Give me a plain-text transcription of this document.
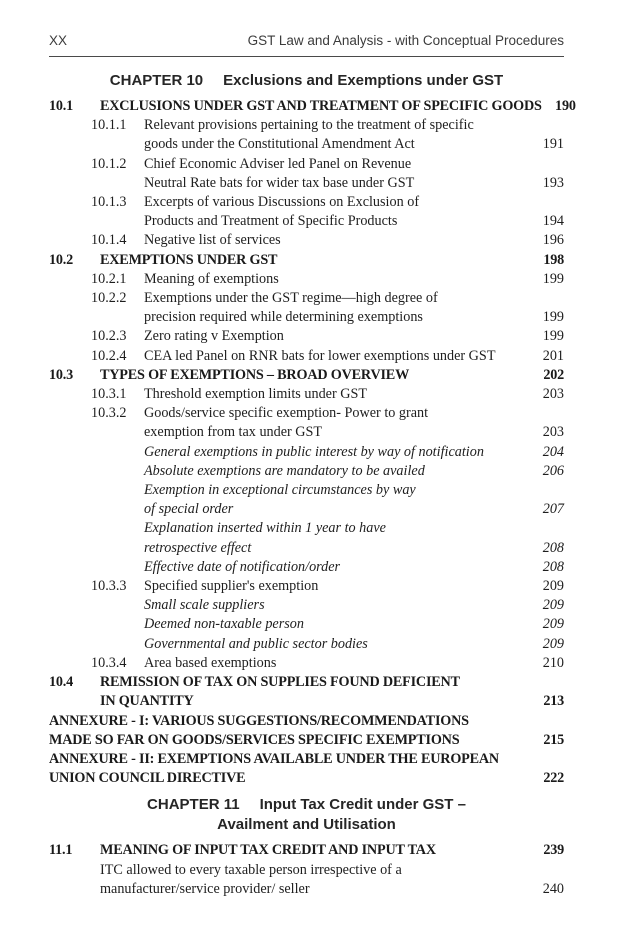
XX	GST Law and Analysis - with Conceptual Procedures
CHAPTER 10 Exclusions and Exemptions under GST
10.1	EXCLUSIONS UNDER GST AND TREATMENT OF SPECIFIC GOODS 190
10.1.1	Relevant provisions pertaining to the treatment of specific
goods under the Constitutional Amendment Act	191
10.1.2	Chief Economic Adviser led Panel on Revenue
Neutral Rate bats for wider tax base under GST	193
10.1.3	Excerpts of various Discussions on Exclusion of
Products and Treatment of Specific Products	194
10.1.4	Negative list of services	196
10.2	EXEMPTIONS UNDER GST	198
10.2.1	Meaning of exemptions	199
10.2.2	Exemptions under the GST regime—high degree of
precision required while determining exemptions	199
10.2.3	Zero rating v Exemption	199
10.2.4	CEA led Panel on RNR bats for lower exemptions under GST	201
10.3	TYPES OF EXEMPTIONS – BROAD OVERVIEW	202
10.3.1	Threshold exemption limits under GST	203
10.3.2	Goods/service specific exemption- Power to grant
exemption from tax under GST	203
General exemptions in public interest by way of notification	204
Absolute exemptions are mandatory to be availed	206
Exemption in exceptional circumstances by way
of special order	207
Explanation inserted within 1 year to have
retrospective effect	208
Effective date of notification/order	208
10.3.3	Specified supplier's exemption	209
Small scale suppliers	209
Deemed non-taxable person	209
Governmental and public sector bodies	209
10.3.4	Area based exemptions	210
10.4	REMISSION OF TAX ON SUPPLIES FOUND DEFICIENT
IN QUANTITY	213
ANNEXURE - I: VARIOUS SUGGESTIONS/RECOMMENDATIONS
MADE SO FAR ON GOODS/SERVICES SPECIFIC EXEMPTIONS	215
ANNEXURE - II: EXEMPTIONS AVAILABLE UNDER THE EUROPEAN
UNION COUNCIL DIRECTIVE	222
CHAPTER 11 Input Tax Credit under GST –
Availment and Utilisation
11.1	MEANING OF INPUT TAX CREDIT AND INPUT TAX	239
ITC allowed to every taxable person irrespective of a
manufacturer/service provider/ seller	240
